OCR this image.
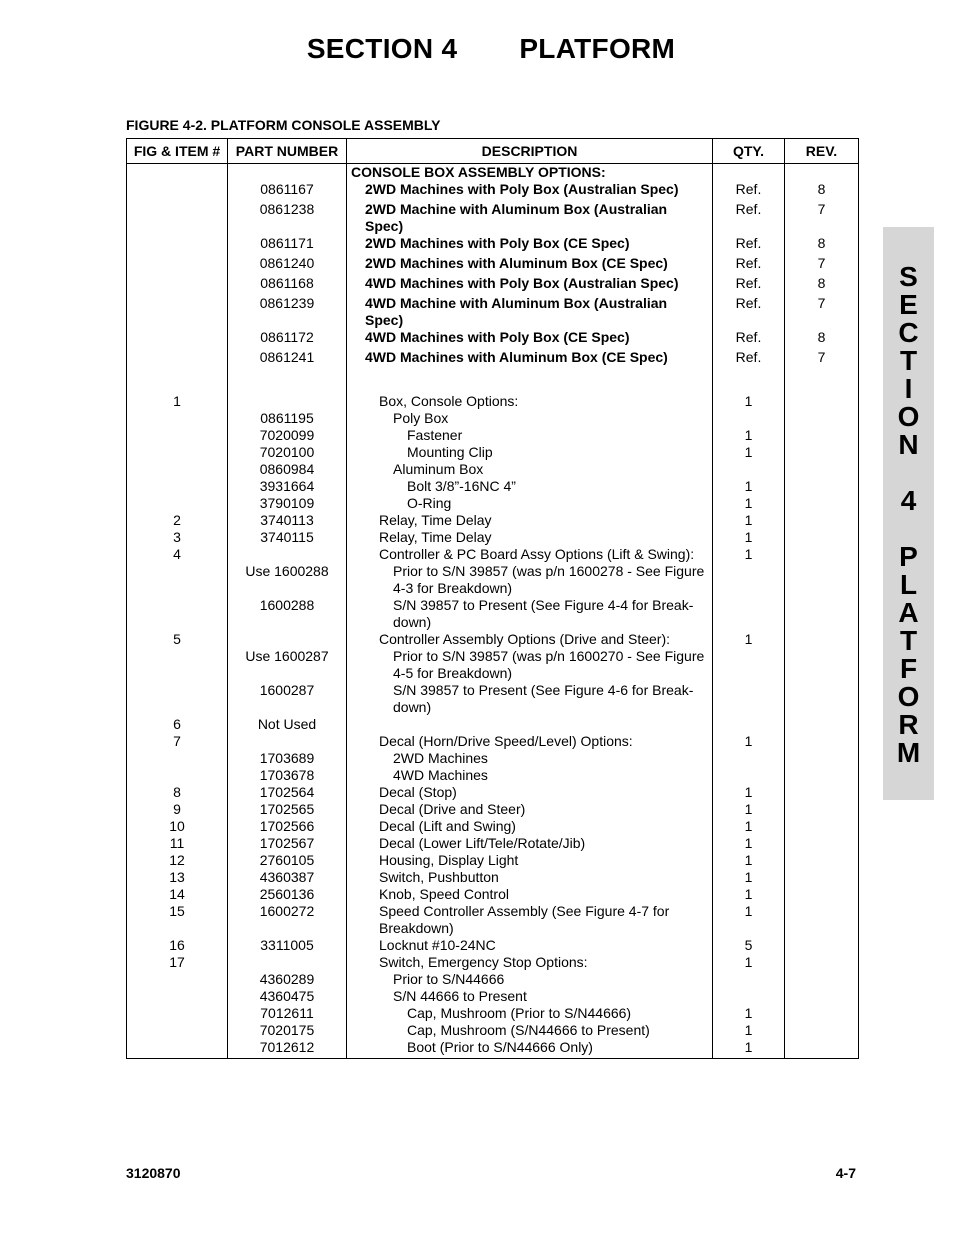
SECTION 4 PLATFORM
FIGURE 4-2. PLATFORM CONSOLE ASSEMBLY
FIG & ITEM #	PART NUMBER	DESCRIPTION	QTY.	REV.
		CONSOLE BOX ASSEMBLY OPTIONS:		
	0861167	2WD Machines with Poly Box (Australian Spec)	Ref.	8
	0861238	2WD Machine with Aluminum Box (Australian Spec)	Ref.	7
	0861171	2WD Machines with Poly Box (CE Spec)	Ref.	8
	0861240	2WD Machines with Aluminum Box (CE Spec)	Ref.	7
	0861168	4WD Machines with Poly Box (Australian Spec)	Ref.	8
	0861239	4WD Machine with Aluminum Box (Australian Spec)	Ref.	7
	0861172	4WD Machines with Poly Box (CE Spec)	Ref.	8
	0861241	4WD Machines with Aluminum Box (CE Spec)	Ref.	7

1		Box, Console Options:	1	
	0861195	Poly Box		
	7020099	Fastener	1	
	7020100	Mounting Clip	1	
	0860984	Aluminum Box		
	3931664	Bolt 3/8”-16NC 4”	1	
	3790109	O-Ring	1	
2	3740113	Relay, Time Delay	1	
3	3740115	Relay, Time Delay	1	
4		Controller & PC Board Assy Options (Lift & Swing):	1	
	Use 1600288	Prior to S/N 39857 (was p/n 1600278 - See Figure 4-3 for Breakdown)		
	1600288	S/N 39857 to Present (See Figure 4-4 for Break-down)		
5		Controller Assembly Options (Drive and Steer):	1	
	Use 1600287	Prior to S/N 39857 (was p/n 1600270 - See Figure 4-5 for Breakdown)		
	1600287	S/N 39857 to Present (See Figure 4-6 for Break-down)		
6	Not Used			
7		Decal (Horn/Drive Speed/Level) Options:	1	
	1703689	2WD Machines		
	1703678	4WD Machines		
8	1702564	Decal (Stop)	1	
9	1702565	Decal (Drive and Steer)	1	
10	1702566	Decal (Lift and Swing)	1	
11	1702567	Decal (Lower Lift/Tele/Rotate/Jib)	1	
12	2760105	Housing, Display Light	1	
13	4360387	Switch, Pushbutton	1	
14	2560136	Knob, Speed Control	1	
15	1600272	Speed Controller Assembly (See Figure 4-7 for Breakdown)	1	
16	3311005	Locknut #10-24NC	5	
17		Switch, Emergency Stop Options:	1	
	4360289	Prior to S/N44666		
	4360475	S/N 44666 to Present		
	7012611	Cap, Mushroom (Prior to S/N44666)	1	
	7020175	Cap, Mushroom (S/N44666 to Present)	1	
	7012612	Boot (Prior to S/N44666 Only)	1	
S
E
C
T
I
O
N
4
P
L
A
T
F
O
R
M
3120870	4-7
